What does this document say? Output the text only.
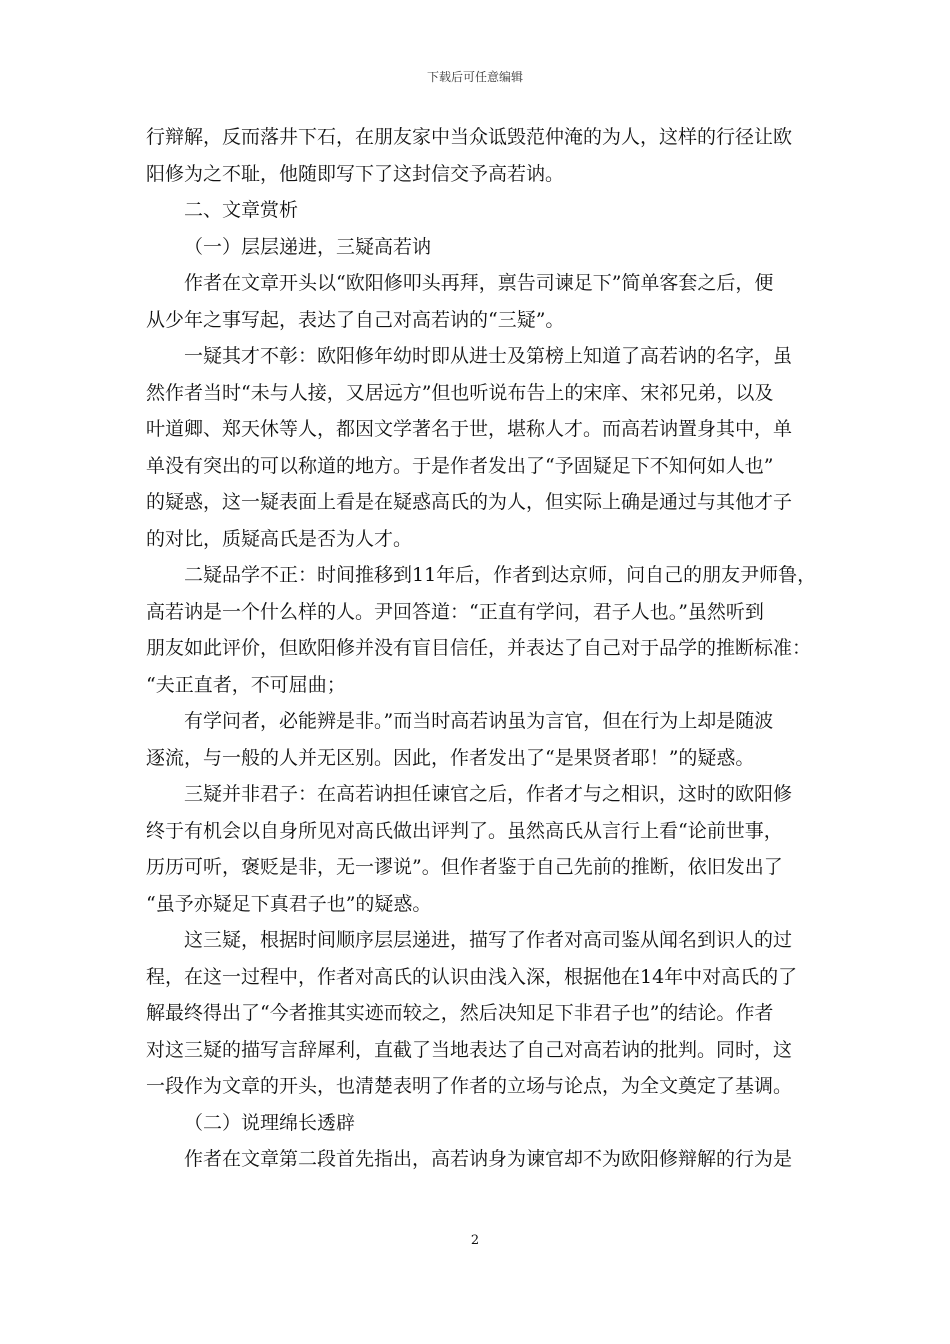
下载后可任意编辑
行辩解，反而落井下石，在朋友家中当众诋毁范仲淹的为人，这样的行径让欧
阳修为之不耻，他随即写下了这封信交予高若讷。
二、文章赏析
（一）层层递进，三疑高若讷
作者在文章开头以“欧阳修叩头再拜，禀告司谏足下”简单客套之后，便
从少年之事写起，表达了自己对高若讷的“三疑”。
一疑其才不彰：欧阳修年幼时即从进士及第榜上知道了高若讷的名字，虽
然作者当时“未与人接，又居远方”但也听说布告上的宋庠、宋祁兄弟，以及
叶道卿、郑天休等人，都因文学著名于世，堪称人才。而高若讷置身其中，单
单没有突出的可以称道的地方。于是作者发出了“予固疑足下不知何如人也”
的疑惑，这一疑表面上看是在疑惑高氏的为人，但实际上确是通过与其他才子
的对比，质疑高氏是否为人才。
二疑品学不正：时间推移到11年后，作者到达京师，问自己的朋友尹师鲁，
高若讷是一个什么样的人。尹回答道：“正直有学问，君子人也。”虽然听到
朋友如此评价，但欧阳修并没有盲目信任，并表达了自己对于品学的推断标准：
“夫正直者，不可屈曲；
有学问者，必能辨是非。”而当时高若讷虽为言官，但在行为上却是随波
逐流，与一般的人并无区别。因此，作者发出了“是果贤者耶！”的疑惑。
三疑并非君子：在高若讷担任谏官之后，作者才与之相识，这时的欧阳修
终于有机会以自身所见对高氏做出评判了。虽然高氏从言行上看“论前世事，
历历可听，褒贬是非，无一谬说”。但作者鉴于自己先前的推断，依旧发出了
“虽予亦疑足下真君子也”的疑惑。
这三疑，根据时间顺序层层递进，描写了作者对高司鉴从闻名到识人的过
程，在这一过程中，作者对高氏的认识由浅入深，根据他在14年中对高氏的了
解最终得出了“今者推其实迹而较之，然后决知足下非君子也”的结论。作者
对这三疑的描写言辞犀利，直截了当地表达了自己对高若讷的批判。同时，这
一段作为文章的开头，也清楚表明了作者的立场与论点，为全文奠定了基调。
（二）说理绵长透辟
作者在文章第二段首先指出，高若讷身为谏官却不为欧阳修辩解的行为是
2
